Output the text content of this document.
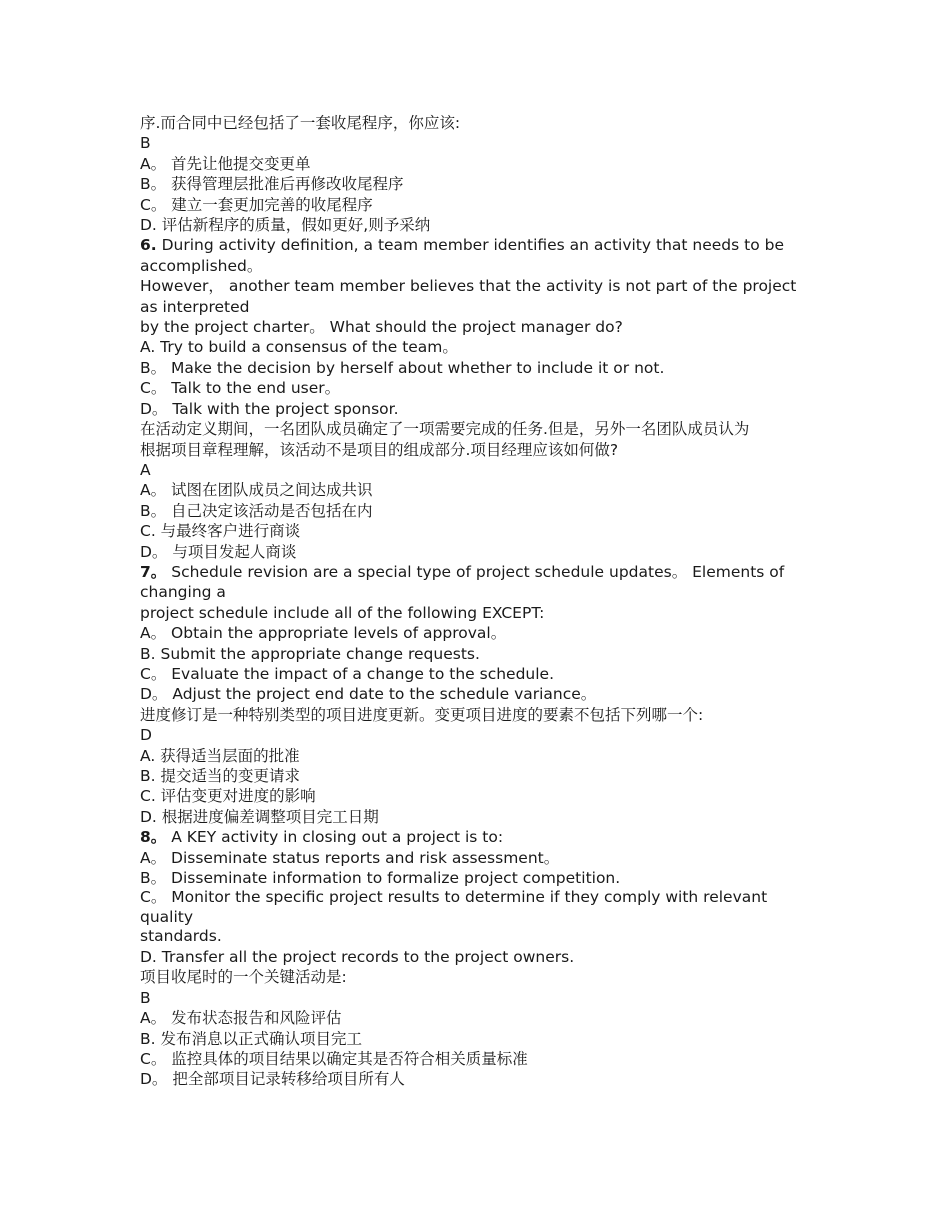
序.而合同中已经包括了一套收尾程序，你应该:
B
A。 首先让他提交变更单
B。 获得管理层批准后再修改收尾程序
C。 建立一套更加完善的收尾程序
D. 评估新程序的质量，假如更好,则予采纳
6. During activity definition, a team member identifies an activity that needs to be accomplished。
However， another team member believes that the activity is not part of the project as interpreted
by the project charter。 What should the project manager do?
A. Try to build a consensus of the team。
B。 Make the decision by herself about whether to include it or not.
C。 Talk to the end user。
D。 Talk with the project sponsor.
在活动定义期间，一名团队成员确定了一项需要完成的任务.但是，另外一名团队成员认为
根据项目章程理解，该活动不是项目的组成部分.项目经理应该如何做?
A
A。 试图在团队成员之间达成共识
B。 自己决定该活动是否包括在内
C. 与最终客户进行商谈
D。 与项目发起人商谈
7。 Schedule revision are a special type of project schedule updates。 Elements of changing a
project schedule include all of the following EXCEPT:
A。 Obtain the appropriate levels of approval。
B. Submit the appropriate change requests.
C。 Evaluate the impact of a change to the schedule.
D。 Adjust the project end date to the schedule variance。
进度修订是一种特别类型的项目进度更新。变更项目进度的要素不包括下列哪一个:
D
A. 获得适当层面的批准
B. 提交适当的变更请求
C. 评估变更对进度的影响
D. 根据进度偏差调整项目完工日期
8。 A KEY activity in closing out a project is to:
A。 Disseminate status reports and risk assessment。
B。 Disseminate information to formalize project competition.
C。 Monitor the specific project results to determine if they comply with relevant quality
standards.
D. Transfer all the project records to the project owners.
项目收尾时的一个关键活动是:
B
A。 发布状态报告和风险评估
B. 发布消息以正式确认项目完工
C。 监控具体的项目结果以确定其是否符合相关质量标准
D。 把全部项目记录转移给项目所有人
